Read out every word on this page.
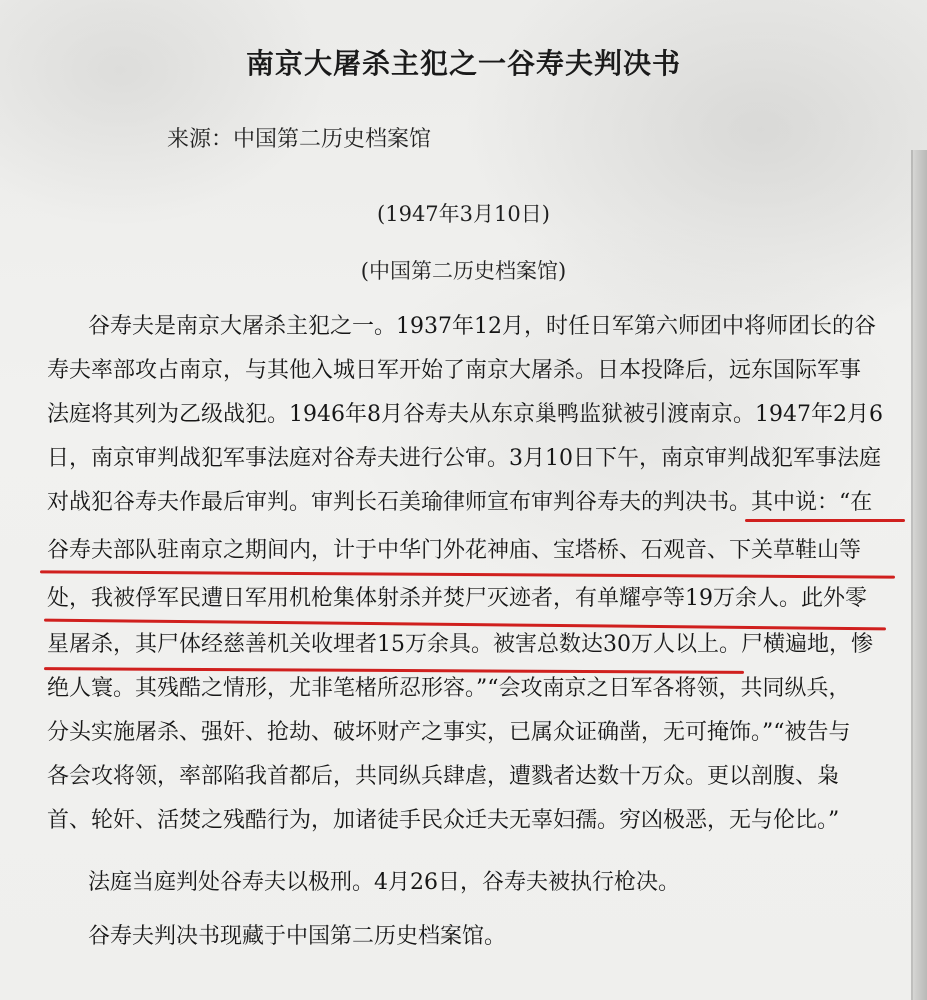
南京大屠杀主犯之一谷寿夫判决书
来源：中国第二历史档案馆
(1947年3月10日)
(中国第二历史档案馆)
谷寿夫是南京大屠杀主犯之一。1937年12月，时任日军第六师团中将师团长的谷
寿夫率部攻占南京，与其他入城日军开始了南京大屠杀。日本投降后，远东国际军事
法庭将其列为乙级战犯。1946年8月谷寿夫从东京巢鸭监狱被引渡南京。1947年2月6
日，南京审判战犯军事法庭对谷寿夫进行公审。3月10日下午，南京审判战犯军事法庭
对战犯谷寿夫作最后审判。审判长石美瑜律师宣布审判谷寿夫的判决书。其中说：“在
谷寿夫部队驻南京之期间内，计于中华门外花神庙、宝塔桥、石观音、下关草鞋山等
处，我被俘军民遭日军用机枪集体射杀并焚尸灭迹者，有单耀亭等19万余人。此外零
星屠杀，其尸体经慈善机关收埋者15万余具。被害总数达30万人以上。尸横遍地，惨
绝人寰。其残酷之情形，尤非笔楮所忍形容。”“会攻南京之日军各将领，共同纵兵，
分头实施屠杀、强奸、抢劫、破坏财产之事实，已属众证确凿，无可掩饰。”“被告与
各会攻将领，率部陷我首都后，共同纵兵肆虐，遭戮者达数十万众。更以剖腹、枭
首、轮奸、活焚之残酷行为，加诸徒手民众迁夫无辜妇孺。穷凶极恶，无与伦比。”
法庭当庭判处谷寿夫以极刑。4月26日，谷寿夫被执行枪决。
谷寿夫判决书现藏于中国第二历史档案馆。
